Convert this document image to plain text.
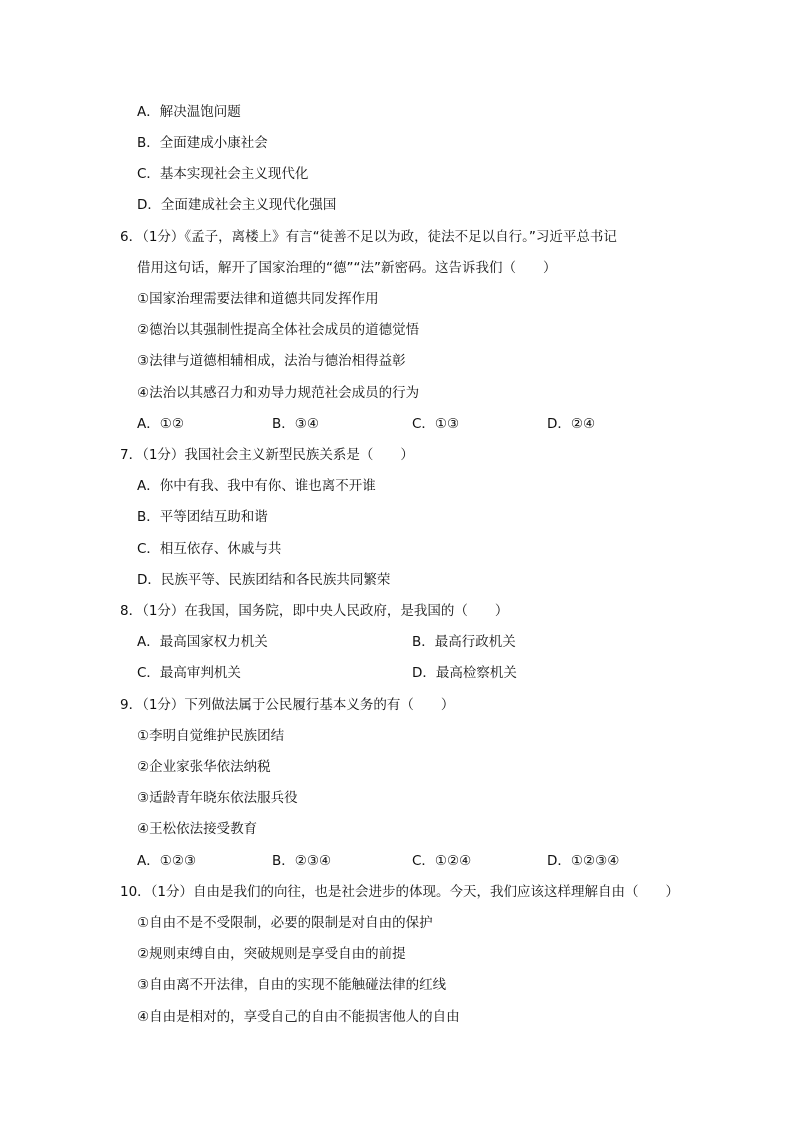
A．解决温饱问题
B．全面建成小康社会
C．基本实现社会主义现代化
D．全面建成社会主义现代化强国
6．（1分）《孟子，离楼上》有言“徒善不足以为政，徒法不足以自行。”习近平总书记
借用这句话，解开了国家治理的“德”“法”新密码。这告诉我们（　　）
①国家治理需要法律和道德共同发挥作用
②德治以其强制性提高全体社会成员的道德觉悟
③法律与道德相辅相成，法治与德治相得益彰
④法治以其感召力和劝导力规范社会成员的行为
A．①②	B．③④	C．①③	D．②④
7．（1分）我国社会主义新型民族关系是（　　）
A．你中有我、我中有你、谁也离不开谁
B．平等团结互助和谐
C．相互依存、休戚与共
D．民族平等、民族团结和各民族共同繁荣
8．（1分）在我国，国务院，即中央人民政府，是我国的（　　）
A．最高国家权力机关	B．最高行政机关
C．最高审判机关	D．最高检察机关
9．（1分）下列做法属于公民履行基本义务的有（　　）
①李明自觉维护民族团结
②企业家张华依法纳税
③适龄青年晓东依法服兵役
④王松依法接受教育
A．①②③	B．②③④	C．①②④	D．①②③④
10．（1分）自由是我们的向往，也是社会进步的体现。今天，我们应该这样理解自由（　　）
①自由不是不受限制，必要的限制是对自由的保护
②规则束缚自由，突破规则是享受自由的前提
③自由离不开法律，自由的实现不能触碰法律的红线
④自由是相对的，享受自己的自由不能损害他人的自由
